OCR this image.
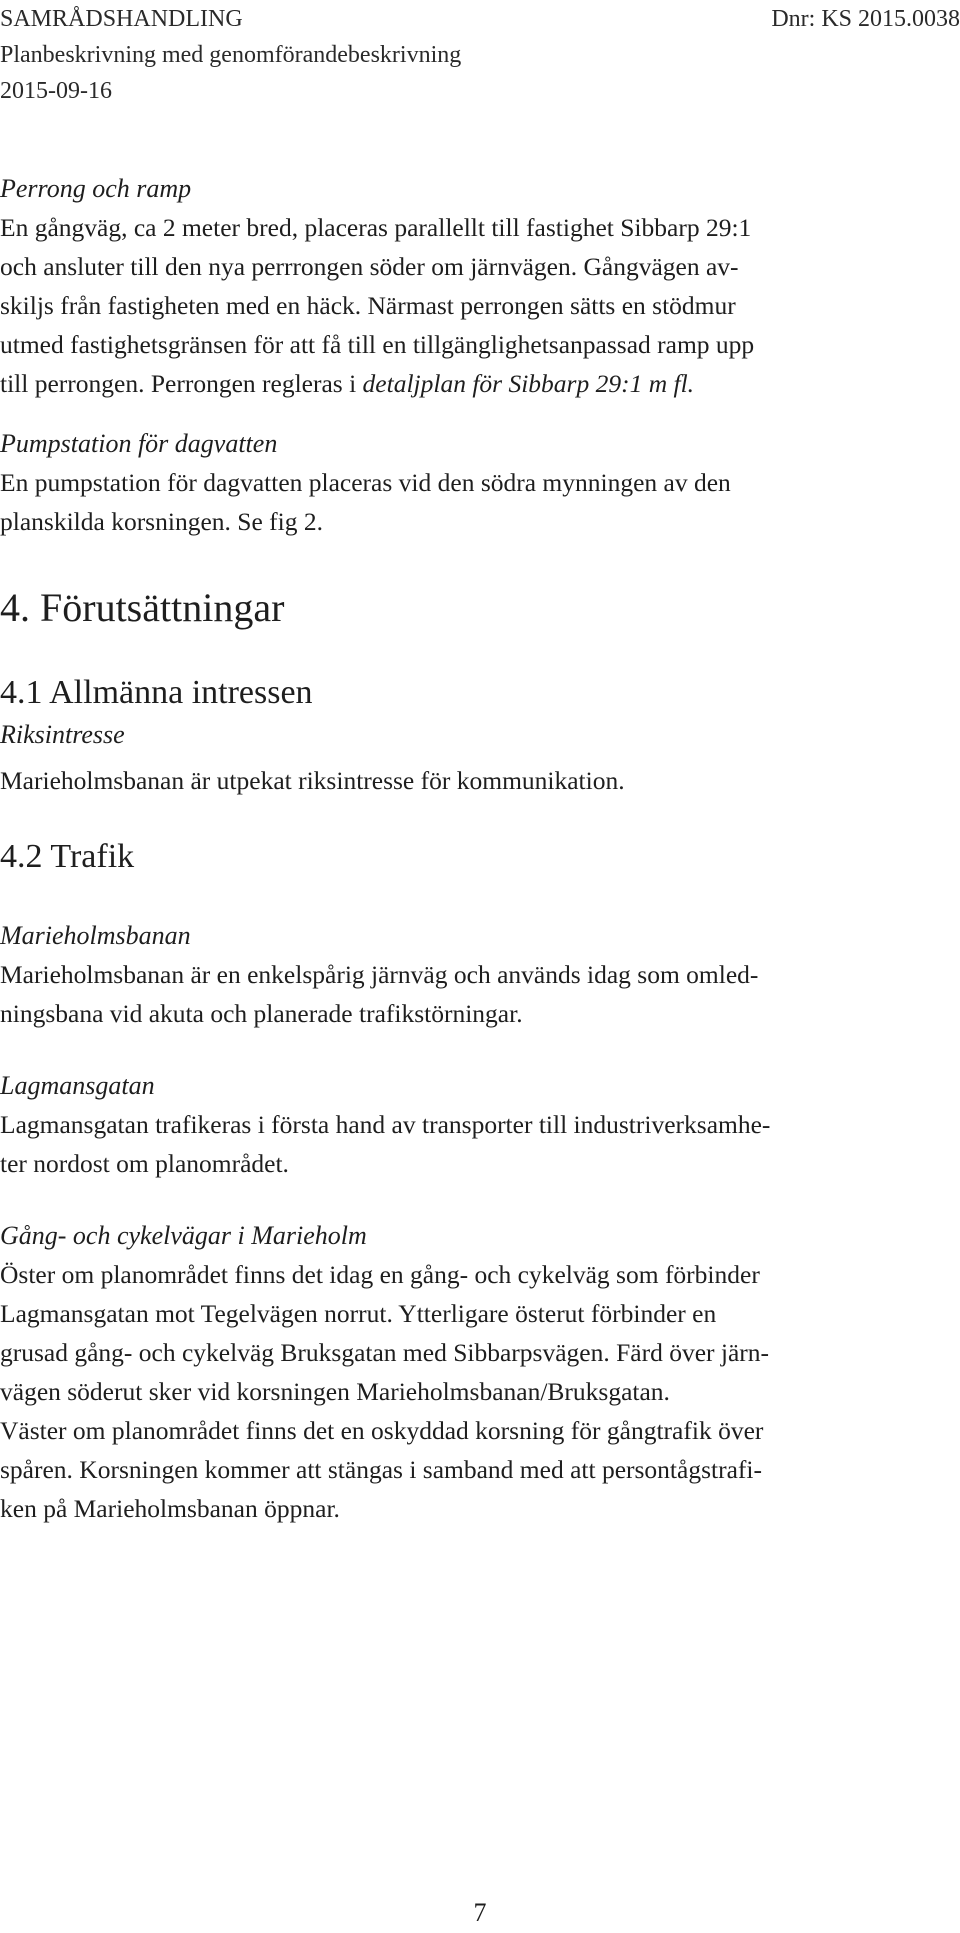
SAMRÅDSHANDLING
Planbeskrivning med genomförandebeskrivning
2015-09-16
Dnr: KS 2015.0038

Perrong och ramp

En gångväg, ca 2 meter bred, placeras parallellt till fastighet Sibbarp 29:1
och ansluter till den nya perrrongen söder om järnvägen. Gångvägen av-
skiljs från fastigheten med en häck. Närmast perrongen sätts en stödmur
utmed fastighetsgränsen för att få till en tillgänglighetsanpassad ramp upp
till perrongen. Perrongen regleras i detaljplan för Sibbarp 29:1 m fl.

Pumpstation för dagvatten

En pumpstation för dagvatten placeras vid den södra mynningen av den
planskilda korsningen. Se fig 2.

4. Förutsättningar
4.1 Allmänna intressen

Riksintresse

Marieholmsbanan är utpekat riksintresse för kommunikation.

4.2 Trafik

Marieholmsbanan

Marieholmsbanan är en enkelspårig järnväg och används idag som omled-
ningsbana vid akuta och planerade trafikstörningar.

Lagmansgatan

Lagmansgatan trafikeras i första hand av transporter till industriverksamhe-
ter nordost om planområdet.

Gång- och cykelvägar i Marieholm

Öster om planområdet finns det idag en gång- och cykelväg som förbinder
Lagmansgatan mot Tegelvägen norrut. Ytterligare österut förbinder en
grusad gång- och cykelväg Bruksgatan med Sibbarpsvägen. Färd över järn-
vägen söderut sker vid korsningen Marieholmsbanan/Bruksgatan.
Väster om planområdet finns det en oskyddad korsning för gångtrafik över
spåren. Korsningen kommer att stängas i samband med att persontågstrafi-
ken på Marieholmsbanan öppnar.

7
